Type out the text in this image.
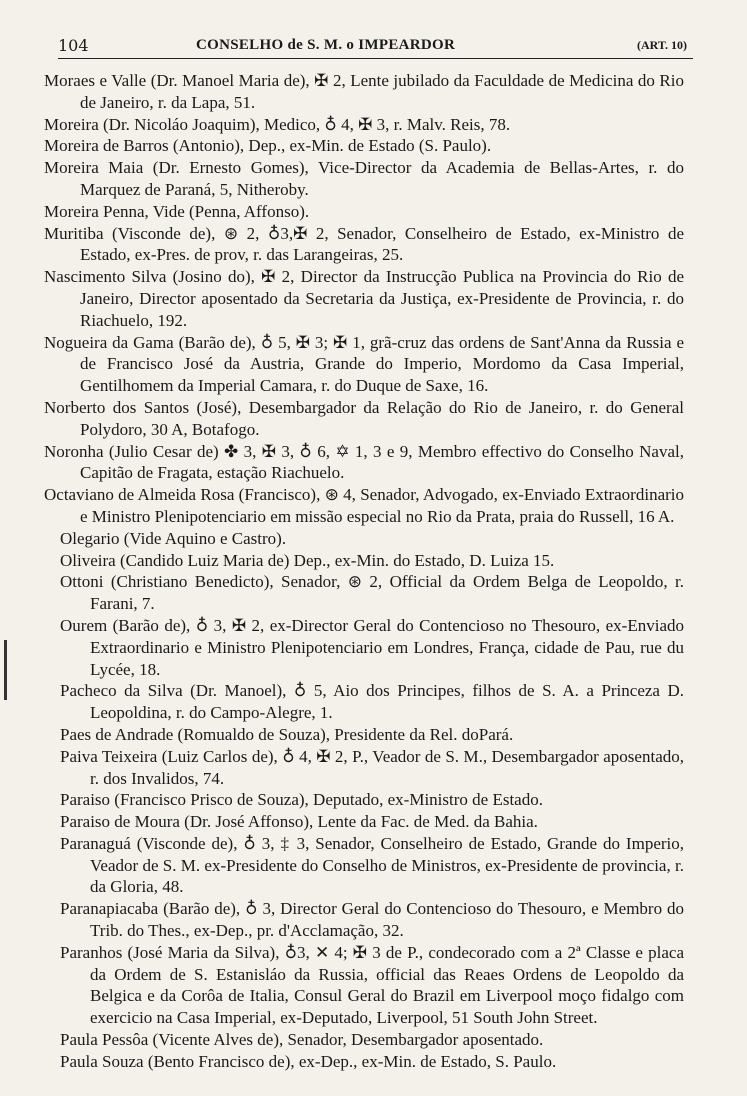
104	CONSELHO de S. M. o IMPEARDOR	(ART. 10)

Moraes e Valle (Dr. Manoel Maria de), ✠ 2, Lente jubilado da Faculdade de Medicina do Rio de Janeiro, r. da Lapa, 51.

Moreira (Dr. Nicoláo Joaquim), Medico, ♁ 4, ✠ 3, r. Malv. Reis, 78.

Moreira de Barros (Antonio), Dep., ex-Min. de Estado (S. Paulo).

Moreira Maia (Dr. Ernesto Gomes), Vice-Director da Academia de Bellas-Artes, r. do Marquez de Paraná, 5, Nitheroby.

Moreira Penna, Vide (Penna, Affonso).

Muritiba (Visconde de), ⊛ 2, ♁3,✠ 2, Senador, Conselheiro de Estado, ex-Ministro de Estado, ex-Pres. de prov, r. das Larangeiras, 25.

Nascimento Silva (Josino do), ✠ 2, Director da Instrucção Publica na Provincia do Rio de Janeiro, Director aposentado da Secretaria da Justiça, ex-Presidente de Provincia, r. do Riachuelo, 192.

Nogueira da Gama (Barão de), ♁ 5, ✠ 3; ✠ 1, grã-cruz das ordens de Sant'Anna da Russia e de Francisco José da Austria, Grande do Imperio, Mordomo da Casa Imperial, Gentilhomem da Imperial Camara, r. do Duque de Saxe, 16.

Norberto dos Santos (José), Desembargador da Relação do Rio de Janeiro, r. do General Polydoro, 30 A, Botafogo.

Noronha (Julio Cesar de) ✤ 3, ✠ 3, ♁ 6, ✡ 1, 3 e 9, Membro effectivo do Conselho Naval, Capitão de Fragata, estação Riachuelo.

Octaviano de Almeida Rosa (Francisco), ⊛ 4, Senador, Advogado, ex-Enviado Extraordinario e Ministro Plenipotenciario em missão especial no Rio da Prata, praia do Russell, 16 A.

Olegario (Vide Aquino e Castro).

Oliveira (Candido Luiz Maria de) Dep., ex-Min. do Estado, D. Luiza 15.

Ottoni (Christiano Benedicto), Senador, ⊛ 2, Official da Ordem Belga de Leopoldo, r. Farani, 7.

Ourem (Barão de), ♁ 3, ✠ 2, ex-Director Geral do Contencioso no Thesouro, ex-Enviado Extraordinario e Ministro Plenipotenciario em Londres, França, cidade de Pau, rue du Lycée, 18.

Pacheco da Silva (Dr. Manoel), ♁ 5, Aio dos Principes, filhos de S. A. a Princeza D. Leopoldina, r. do Campo-Alegre, 1.

Paes de Andrade (Romualdo de Souza), Presidente da Rel. doPará.

Paiva Teixeira (Luiz Carlos de), ♁ 4, ✠ 2, P., Veador de S. M., Desembargador aposentado, r. dos Invalidos, 74.

Paraiso (Francisco Prisco de Souza), Deputado, ex-Ministro de Estado.

Paraiso de Moura (Dr. José Affonso), Lente da Fac. de Med. da Bahia.

Paranaguá (Visconde de), ♁ 3, ‡ 3, Senador, Conselheiro de Estado, Grande do Imperio, Veador de S. M. ex-Presidente do Conselho de Ministros, ex-Presidente de provincia, r. da Gloria, 48.

Paranapiacaba (Barão de), ♁ 3, Director Geral do Contencioso do Thesouro, e Membro do Trib. do Thes., ex-Dep., pr. d'Acclamação, 32.

Paranhos (José Maria da Silva), ♁3, ✕ 4; ✠ 3 de P., condecorado com a 2ª Classe e placa da Ordem de S. Estanisláo da Russia, official das Reaes Ordens de Leopoldo da Belgica e da Corôa de Italia, Consul Geral do Brazil em Liverpool moço fidalgo com exercicio na Casa Imperial, ex-Deputado, Liverpool, 51 South John Street.

Paula Pessôa (Vicente Alves de), Senador, Desembargador aposentado.

Paula Souza (Bento Francisco de), ex-Dep., ex-Min. de Estado, S. Paulo.
